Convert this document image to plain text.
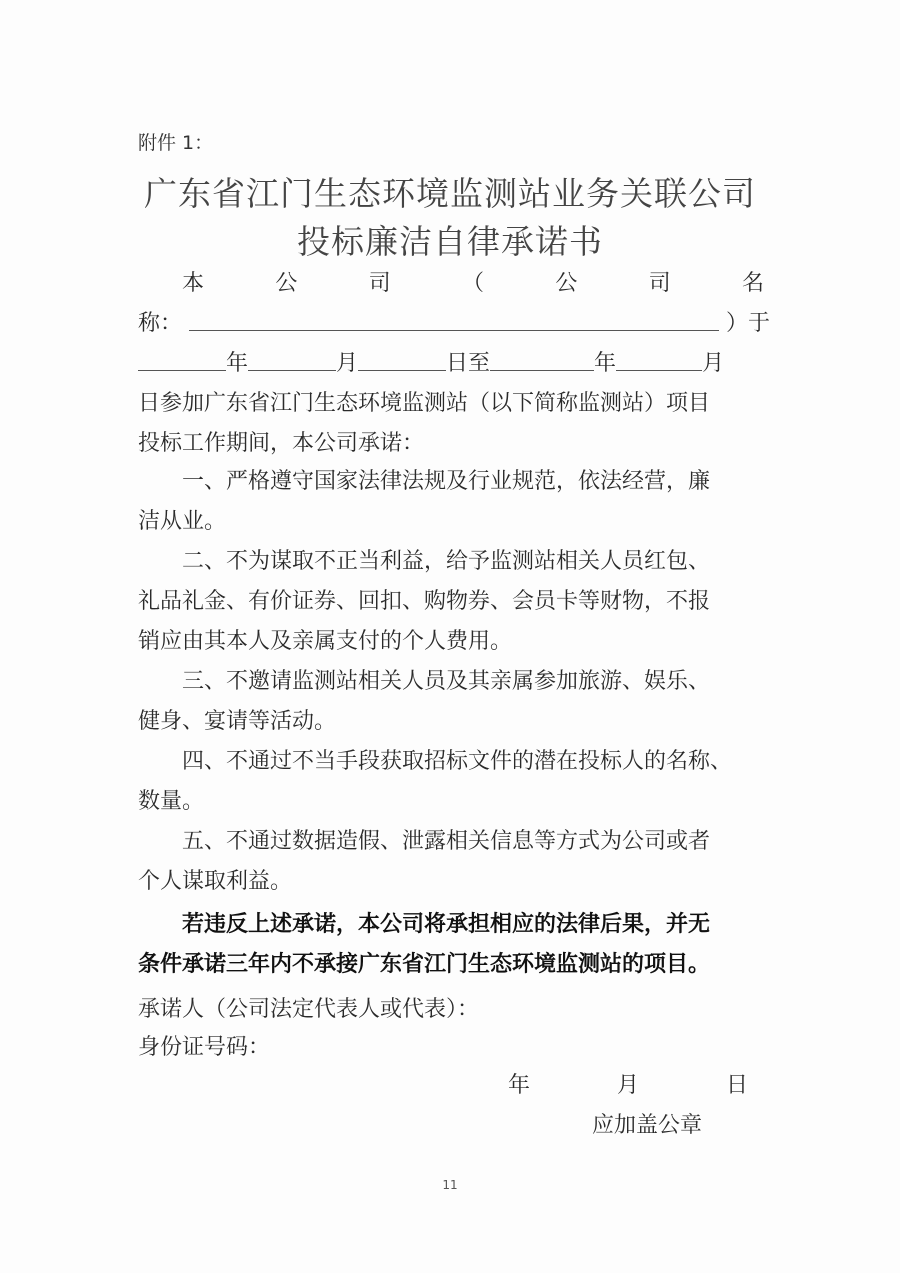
附件 1：
广东省江门生态环境监测站业务关联公司
投标廉洁自律承诺书
本	公	司	（	公	司	名
称：	）于
年	月	日至	年	月
日参加广东省江门生态环境监测站（以下简称监测站）项目
投标工作期间，本公司承诺：
一、严格遵守国家法律法规及行业规范，依法经营，廉
洁从业。
二、不为谋取不正当利益，给予监测站相关人员红包、
礼品礼金、有价证券、回扣、购物券、会员卡等财物，不报
销应由其本人及亲属支付的个人费用。
三、不邀请监测站相关人员及其亲属参加旅游、娱乐、
健身、宴请等活动。
四、不通过不当手段获取招标文件的潜在投标人的名称、
数量。
五、不通过数据造假、泄露相关信息等方式为公司或者
个人谋取利益。
若违反上述承诺，本公司将承担相应的法律后果，并无
条件承诺三年内不承接广东省江门生态环境监测站的项目。
承诺人（公司法定代表人或代表）：
身份证号码：
年	月	日
应加盖公章
11
